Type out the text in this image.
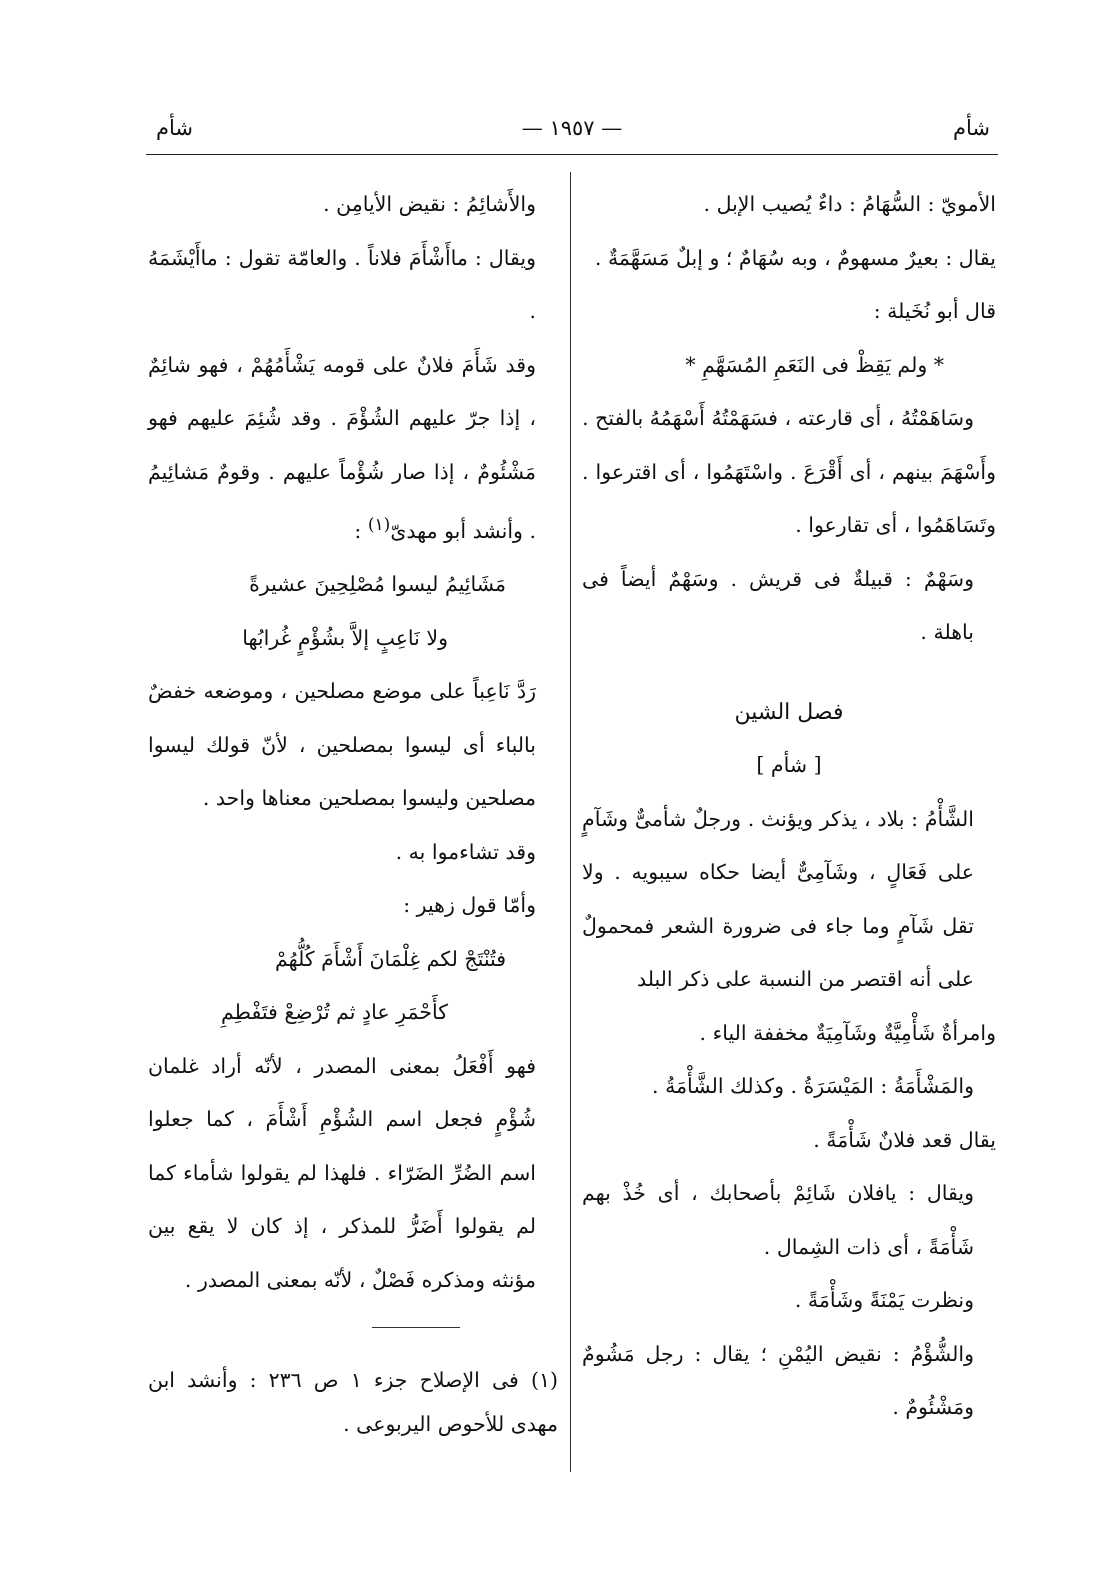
شأم	— ١٩٥٧ —	شأم

الأمويّ : السُّهَامُ : داءٌ يُصيب الإبل .

يقال : بعيرٌ مسهومٌ ، وبه سُهَامٌ ؛ و إبلٌ مَسَهَّمَةٌ .

قال أبو نُخَيلة :

* ولم يَقِظْ فى النَعَمِ المُسَهَّمِ *

وسَاهَمْتُهُ ، أى قارعته ، فسَهَمْتُهُ أَسْهَمُهُ بالفتح .

وأَسْهَمَ بينهم ، أى أَقْرَعَ . واسْتَهَمُوا ، أى اقترعوا . وتَسَاهَمُوا ، أى تقارعوا .

وسَهْمٌ : قبيلةٌ فى قريش . وسَهْمٌ أيضاً فى باهلة .

فصل الشين

[ شأم ]

الشَّأْمُ : بلاد ، يذكر ويؤنث . ورجلٌ شأمىٌّ وشَآمٍ على فَعَالٍ ، وشَآمِىٌّ أيضا حكاه سيبويه . ولا تقل شَآمٍ وما جاء فى ضرورة الشعر فمحمولٌ على أنه اقتصر من النسبة على ذكر البلد

وامرأةٌ شَأْمِيَّةٌ وشَآمِيَةٌ مخففة الياء .

والمَشْأَمَةُ : المَيْسَرَةُ . وكذلك الشَّأْمَةُ .

يقال قعد فلانٌ شَأْمَةً .

ويقال : يافلان شَائِمْ بأصحابك ، أى خُذْ بهم شَأْمَةً ، أى ذات الشِمال .

ونظرت يَمْنَةً وشَأْمَةً .

والشُّؤْمُ : نقيض اليُمْنِ ؛ يقال : رجل مَشُومٌ ومَشْئُومٌ .

والأَشائِمُ : نقيض الأيامِن .

ويقال : ماأَشْأَمَ فلاناً . والعامّة تقول : ماأَيْشَمَهُ .

وقد شَأَمَ فلانٌ على قومه يَشْأَمُهُمْ ، فهو شائِمٌ ، إذا جرّ عليهم الشُؤْمَ . وقد شُئِمَ عليهم فهو مَشْئُومٌ ، إذا صار شُؤْماً عليهم . وقومٌ مَشائِيمُ . وأنشد أبو مهدىّ$^{(١)}$ :

مَشَائِيمُ ليسوا مُصْلِحِينَ عشيرةً

ولا نَاعِبٍ إلاَّ بشُؤْمٍ غُرابُها

رَدَّ نَاعِباً على موضع مصلحين ، وموضعه خفضٌ بالباء أى ليسوا بمصلحين ، لأنّ قولك ليسوا مصلحين وليسوا بمصلحين معناها واحد .

وقد تشاءموا به .

وأمّا قول زهير :

فتُنْتَجْ لكم غِلْمَانَ أَشْأَمَ كُلُّهُمْ

كأَحْمَرِ عادٍ ثم تُرْضِعْ فتَفْطِمِ

فهو أَفْعَلُ بمعنى المصدر ، لأنّه أراد غلمان شُؤْمٍ فجعل اسم الشُؤْمِ أَشْأَمَ ، كما جعلوا اسم الضُرِّ الضَرّاء . فلهذا لم يقولوا شأماء كما لم يقولوا أَضَرُّ للمذكر ، إذ كان لا يقع بين مؤنثه ومذكره فَصْلٌ ، لأنّه بمعنى المصدر .

(١) فى الإصلاح جزء ١ ص ٢٣٦ : وأنشد ابن مهدى للأحوص اليربوعى .
